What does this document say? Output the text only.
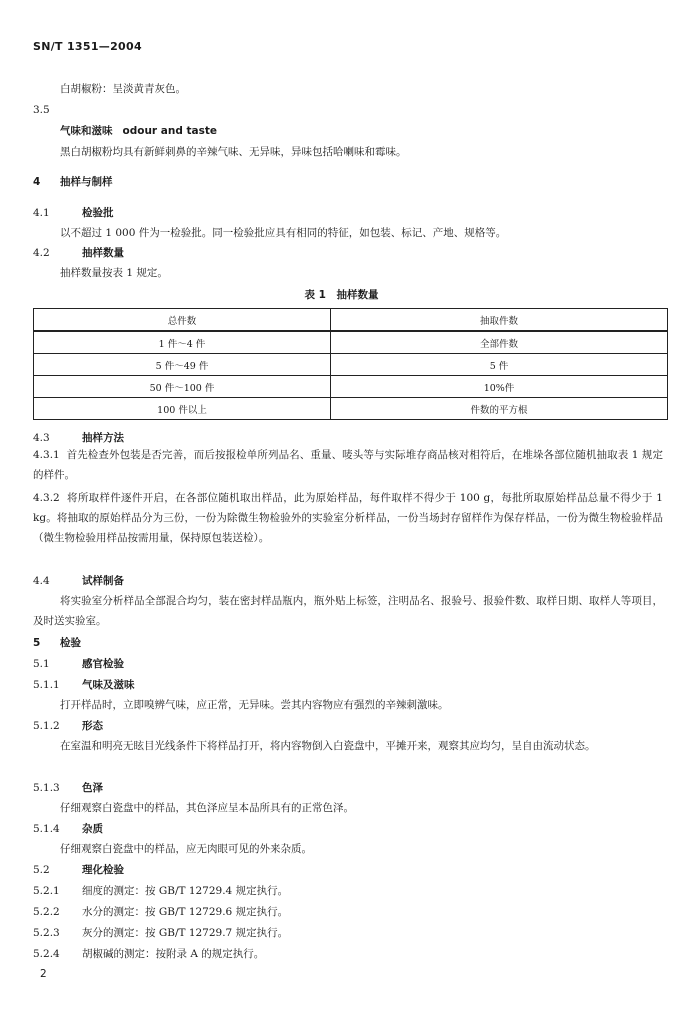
SN/T 1351—2004
白胡椒粉：呈淡黄青灰色。
3.5
气味和滋味 odour and taste
黑白胡椒粉均具有新鲜刺鼻的辛辣气味、无异味，异味包括哈喇味和霉味。
4 抽样与制样
4.1	检验批
以不超过 1 000 件为一检验批。同一检验批应具有相同的特征，如包装、标记、产地、规格等。
4.2	抽样数量
抽样数量按表 1 规定。
表 1　抽样数量
总件数	抽取件数
1 件～4 件	全部件数
5 件～49 件	5 件
50 件～100 件	10%件
100 件以上	件数的平方根
4.3	抽样方法
4.3.1 首先检查外包装是否完善，而后按报检单所列品名、重量、唛头等与实际堆存商品核对相符后，在堆垛各部位随机抽取表 1 规定的样件。
4.3.2 将所取样件逐件开启，在各部位随机取出样品，此为原始样品，每件取样不得少于 100 g，每批所取原始样品总量不得少于 1 kg。将抽取的原始样品分为三份，一份为除微生物检验外的实验室分析样品，一份当场封存留样作为保存样品，一份为微生物检验样品（微生物检验用样品按需用量，保持原包装送检）。
4.4	试样制备
将实验室分析样品全部混合均匀，装在密封样品瓶内，瓶外贴上标签，注明品名、报验号、报验件数、取样日期、取样人等项目，及时送实验室。
5 检验
5.1	感官检验
5.1.1 气味及滋味
打开样品时，立即嗅辨气味，应正常，无异味。尝其内容物应有强烈的辛辣刺激味。
5.1.2 形态
在室温和明亮无眩目光线条件下将样品打开，将内容物倒入白瓷盘中，平摊开来，观察其应均匀，呈自由流动状态。
5.1.3 色泽
仔细观察白瓷盘中的样品，其色泽应呈本品所具有的正常色泽。
5.1.4 杂质
仔细观察白瓷盘中的样品，应无肉眼可见的外来杂质。
5.2	理化检验
5.2.1 细度的测定：按 GB/T 12729.4 规定执行。
5.2.2 水分的测定：按 GB/T 12729.6 规定执行。
5.2.3 灰分的测定：按 GB/T 12729.7 规定执行。
5.2.4 胡椒碱的测定：按附录 A 的规定执行。
2
